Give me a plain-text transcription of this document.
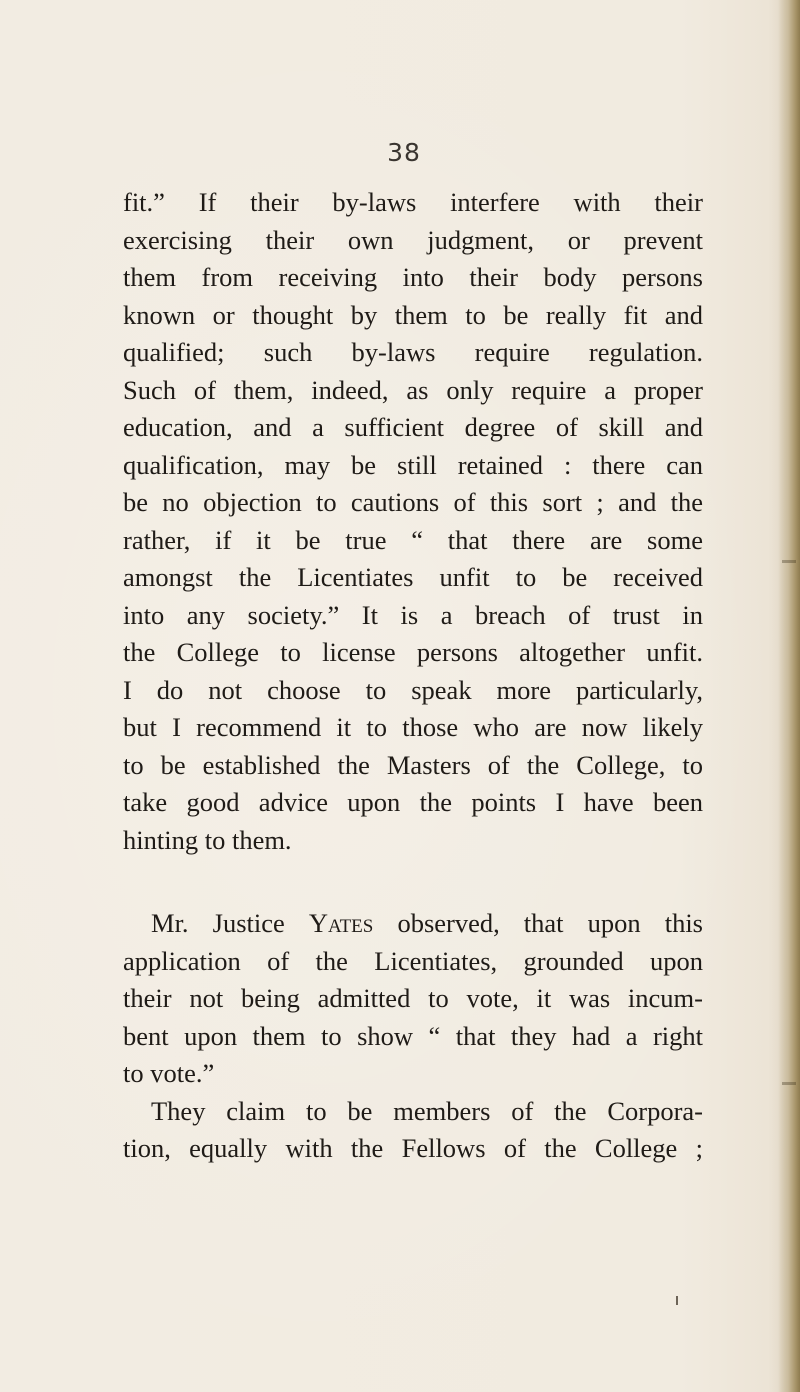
38
fit.” If their by-laws interfere with their
exercising their own judgment, or prevent
them from receiving into their body persons
known or thought by them to be really fit and
qualified; such by-laws require regulation.
Such of them, indeed, as only require a proper
education, and a sufficient degree of skill and
qualification, may be still retained : there can
be no objection to cautions of this sort ; and the
rather, if it be true “ that there are some
amongst the Licentiates unfit to be received
into any society.” It is a breach of trust in
the College to license persons altogether unfit.
I do not choose to speak more particularly,
but I recommend it to those who are now likely
to be established the Masters of the College, to
take good advice upon the points I have been
hinting to them.
Mr. Justice Yates observed, that upon this
application of the Licentiates, grounded upon
their not being admitted to vote, it was incum-
bent upon them to show “ that they had a right
to vote.”
They claim to be members of the Corpora-
tion, equally with the Fellows of the College ;
